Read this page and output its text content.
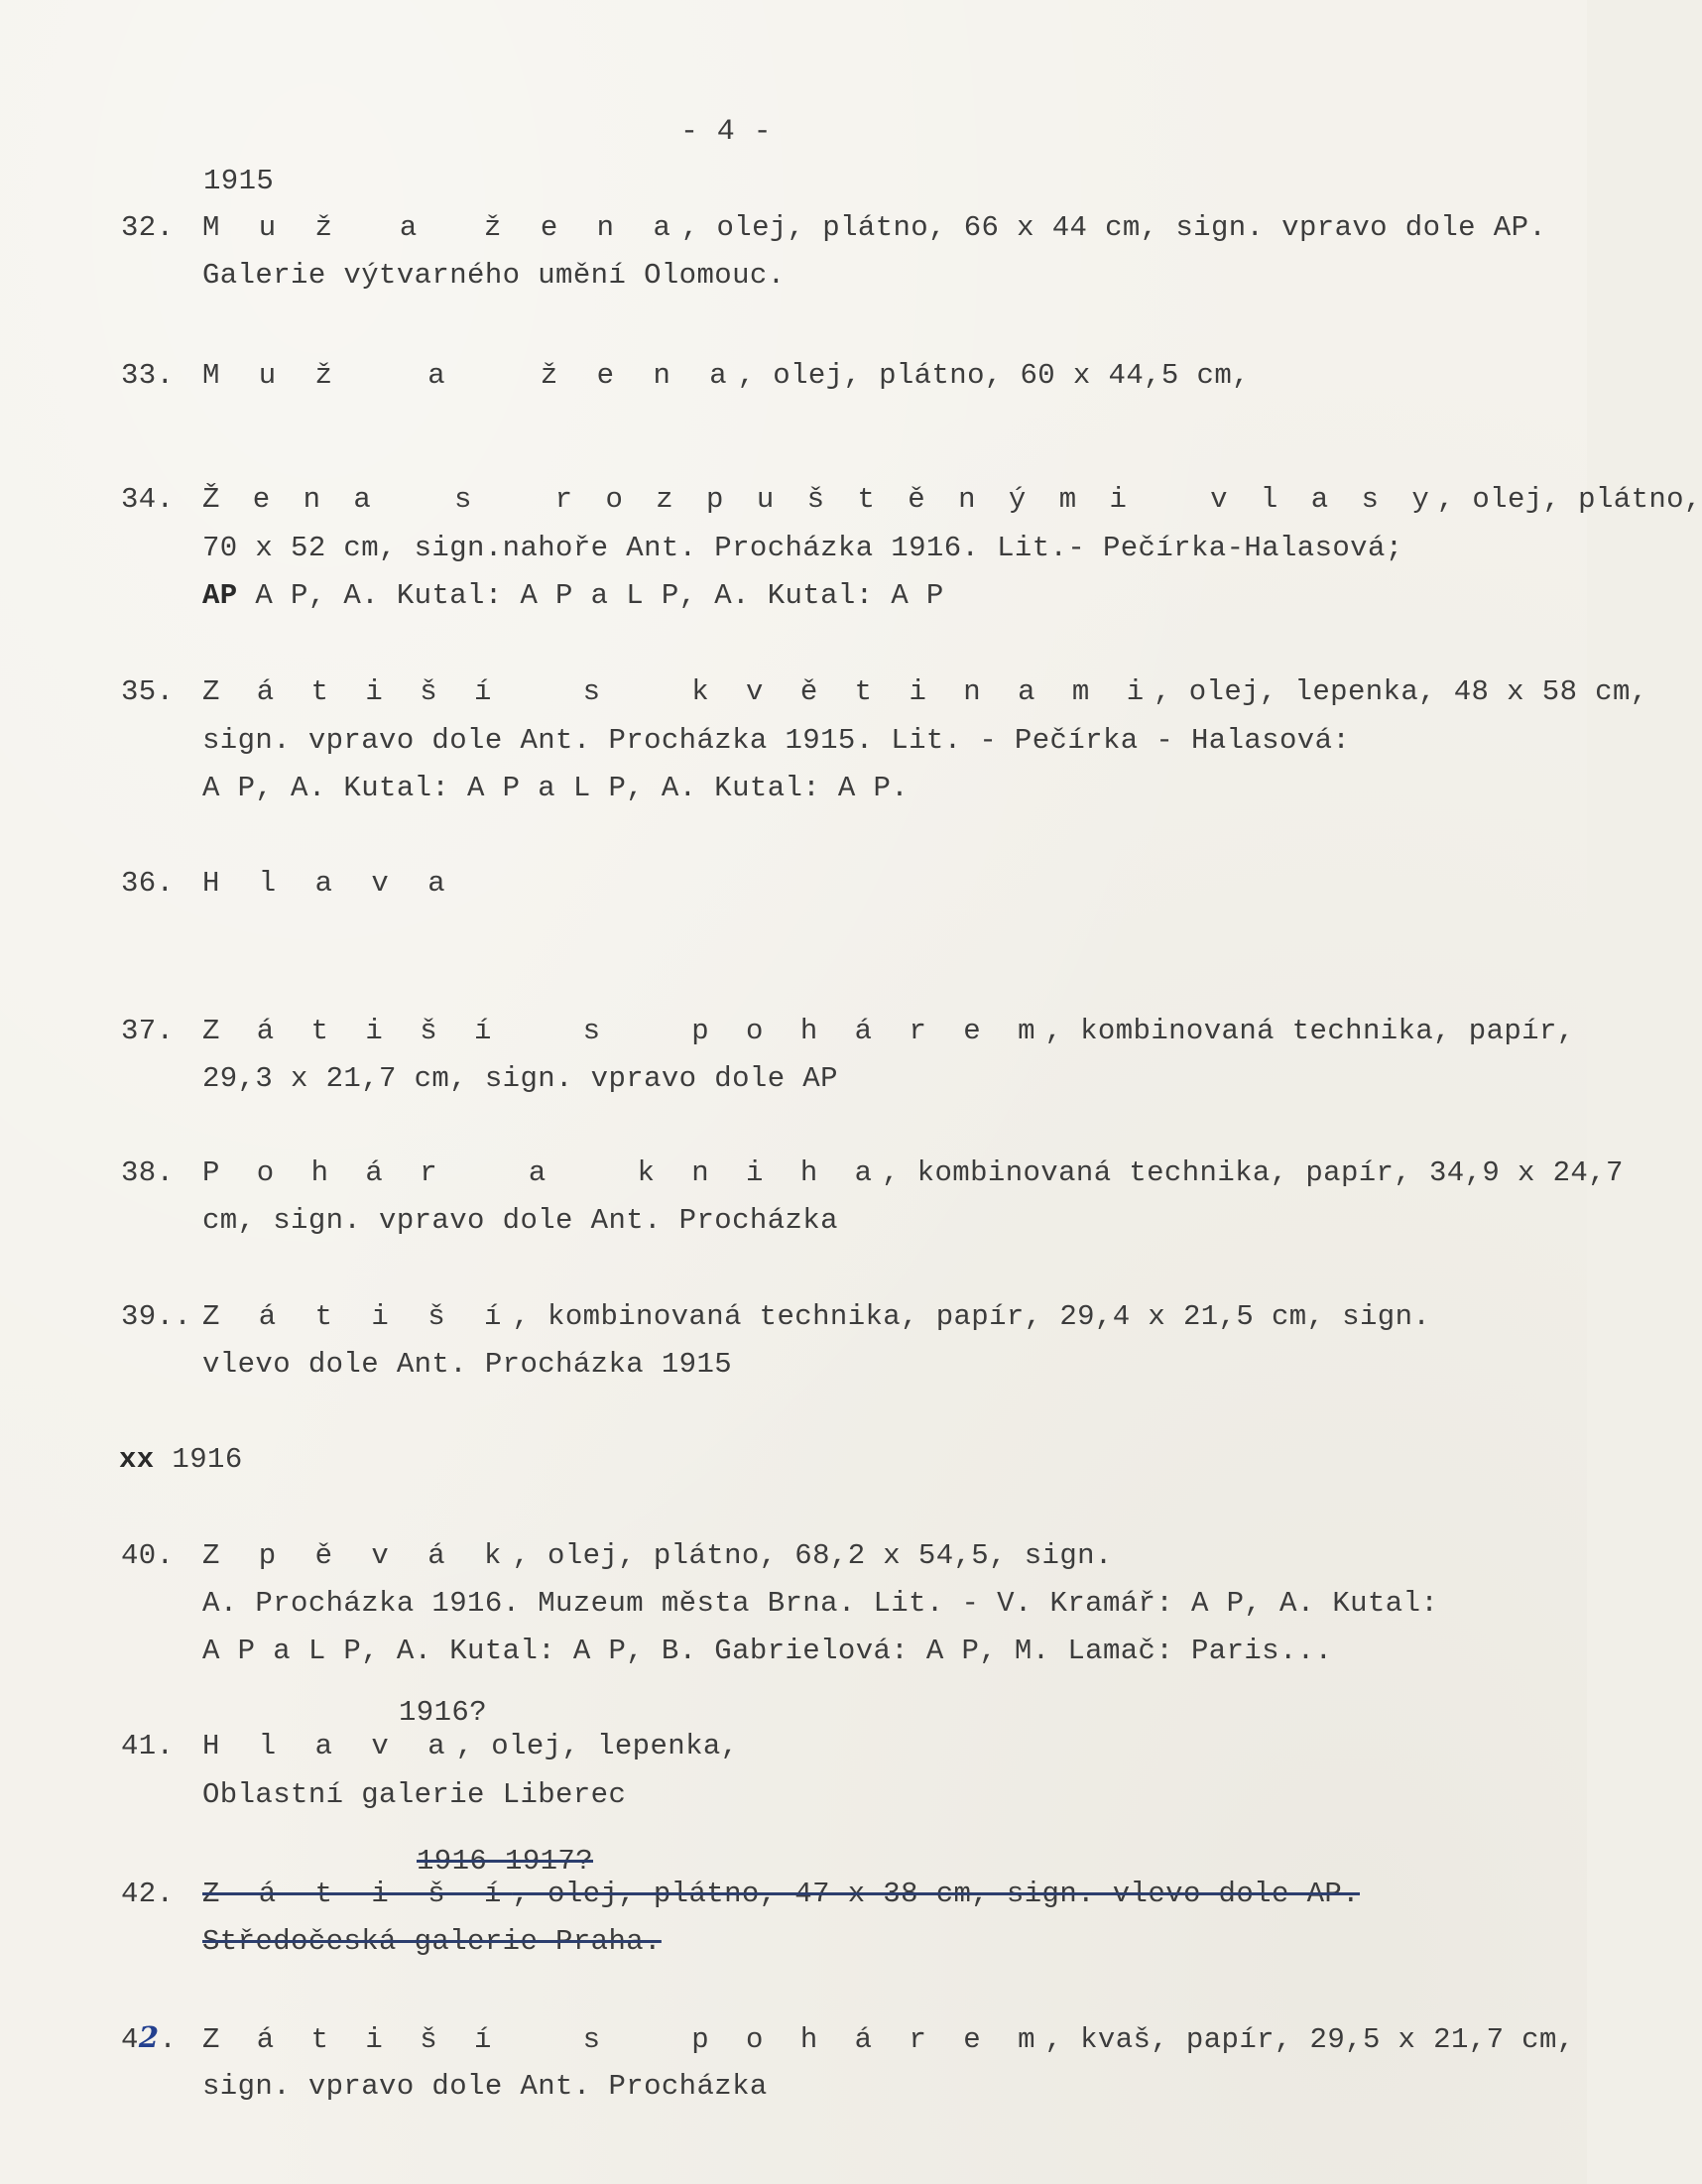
- 4 -
1915
32. M u ž  a  ž e n a, olej, plátno, 66 x 44 cm, sign. vpravo dole AP.
Galerie výtvarného umění Olomouc.
33. M u ž   a   ž e n a, olej, plátno, 60 x 44,5 cm,
34. Ž e n a   s   r o z p u š t ě n ý m i   v l a s y, olej, plátno,
70 x 52 cm, sign.nahoře Ant. Procházka 1916. Lit.- Pečírka-Halasová;
AP A P, A. Kutal: A P a L P, A. Kutal: A P
35. Z á t i š í   s   k v ě t i n a m i, olej, lepenka, 48 x 58 cm,
sign. vpravo dole Ant. Procházka 1915. Lit. - Pečírka - Halasová:
A P, A. Kutal: A P a L P, A. Kutal: A P.
36. H l a v a
37. Z á t i š í   s   p o h á r e m, kombinovaná technika, papír,
29,3 x 21,7 cm, sign. vpravo dole AP
38. P o h á r   a   k n i h a, kombinovaná technika, papír, 34,9 x 24,7
cm, sign. vpravo dole Ant. Procházka
39.. Z á t i š í, kombinovaná technika, papír, 29,4 x 21,5 cm, sign.
vlevo dole Ant. Procházka 1915
xx 1916
40. Z p ě v á k, olej, plátno, 68,2 x 54,5, sign.
A. Procházka 1916. Muzeum města Brna. Lit. - V. Kramář: A P, A. Kutal:
A P a L P, A. Kutal: A P, B. Gabrielová: A P, M. Lamač: Paris...
1916?
41. H l a v a, olej, lepenka,
Oblastní galerie Liberec
1916-1917?
42. Z á t i š í, olej, plátno, 47 x 38 cm, sign. vlevo dole AP.
Středočeská galerie Praha.
42. Z á t i š í   s   p o h á r e m, kvaš, papír, 29,5 x 21,7 cm,
sign. vpravo dole Ant. Procházka
